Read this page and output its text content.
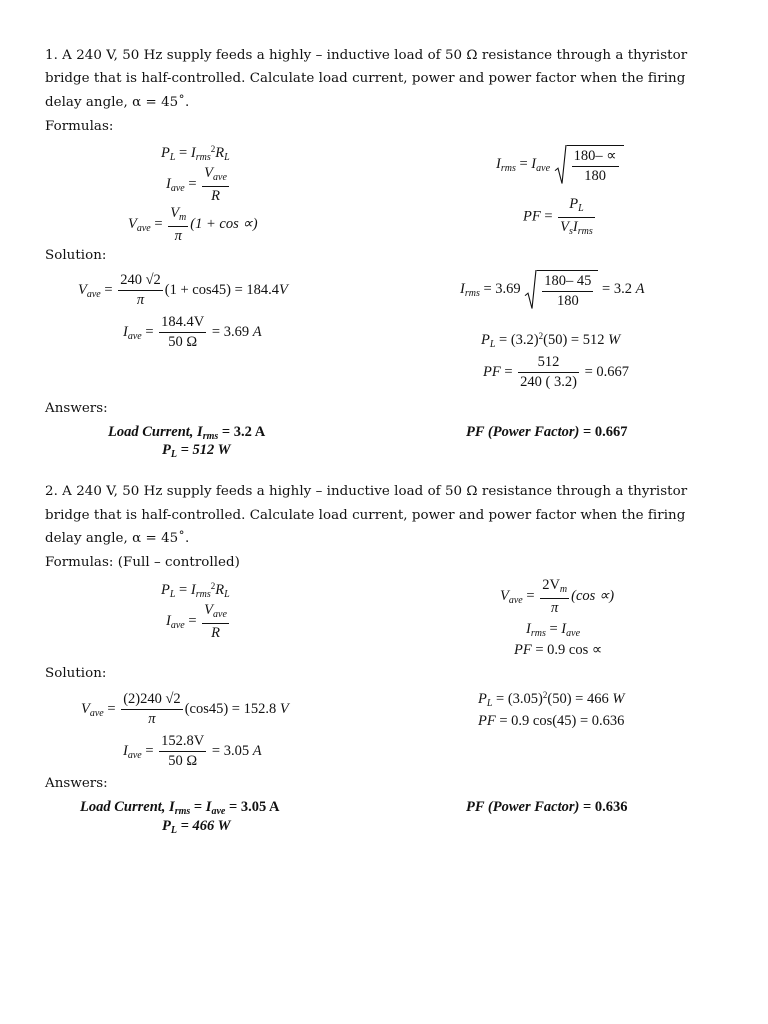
1. A 240 V, 50 Hz supply feeds a highly – inductive load of 50 Ω resistance through a thyristor
bridge that is half-controlled. Calculate load current, power and power factor when the firing
delay angle, α = 45˚.
Formulas:
$P_L = I_{rms}^2R_L$
$I_{ave} = \frac{V_{ave}}{R}$
$V_{ave} = \frac{V_m}{\pi} (1 + \cos$ ∝)
$I_{rms} = I_{ave} \frac{180- \propto}{180}$
PF = $\frac{P_L}{V_sI_{rms}}$
Solution:
$V_{ave} = \frac{240 √2}{\pi} (1 + \cos 45) = 184.4V$
$I_{ave} = \frac{184.4V}{50 \Omega} = 3.69$ A
$I_{rms} = 3.69 \frac{180- 45}{180} = 3.2$ A
$P_L = (3.2)^2(50) = 512$ W
PF = $\frac{512}{240 ( 3.2)} = 0.667$
Answers:
Load Current, $I_{rms} = 3.2$ A
$P_L = 512$ W
PF (Power Factor) = 0.667
2. A 240 V, 50 Hz supply feeds a highly – inductive load of 50 Ω resistance through a thyristor
bridge that is half-controlled. Calculate load current, power and power factor when the firing
delay angle, α = 45˚.
Formulas: (Full – controlled)
$P_L = I_{rms}^2R_L$
$I_{ave} = \frac{V_{ave}}{R}$
$V_{ave} = \frac{2V_m}{\pi} (\cos$ ∝)
$I_{rms} = I_{ave}$
PF = 0.9 cos ∝
Solution:
$V_{ave} = \frac{(2)240 √2}{\pi} (\cos 45) = 152.8$ V
$I_{ave} = \frac{152.8V}{50 \Omega} = 3.05$ A
$P_L = (3.05)^2(50) = 466$ W
PF = 0.9 cos(45) = 0.636
Answers:
Load Current, $I_{rms} = I_{ave} = 3.05$ A
$P_L = 466$ W
PF (Power Factor) = 0.636
